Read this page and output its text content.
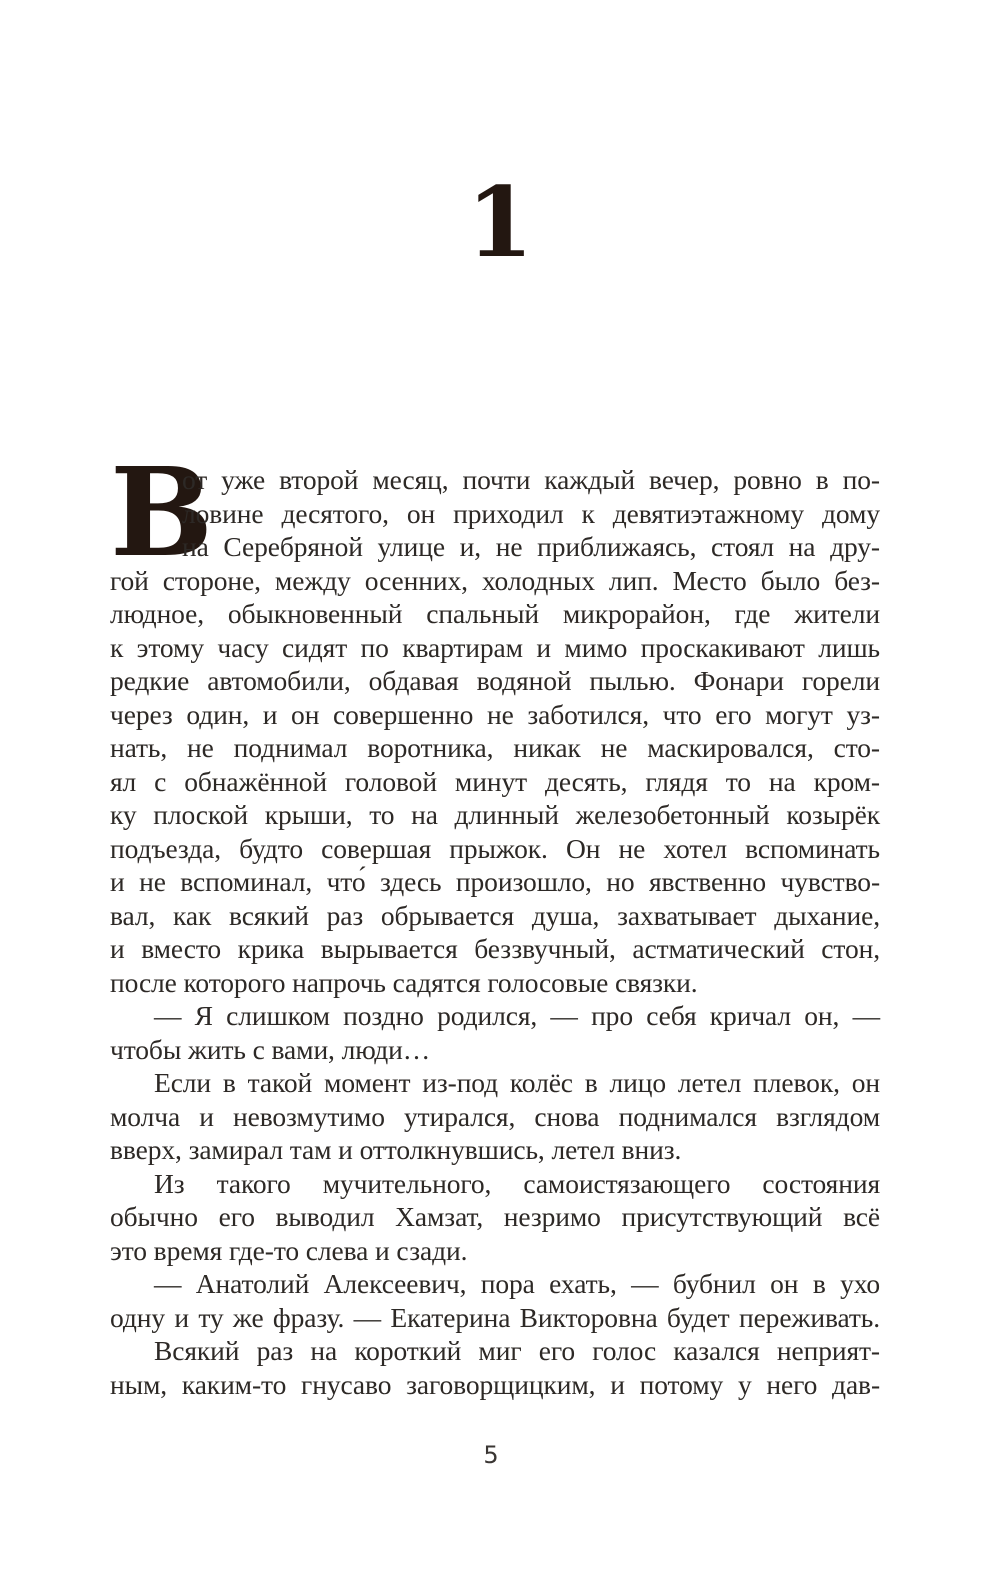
1
В
от уже второй месяц, почти каждый вечер, ровно в по-
ловине десятого, он приходил к девятиэтажному дому
на Серебряной улице и, не приближаясь, стоял на дру-
гой стороне, между осенних, холодных лип. Место было без-
людное, обыкновенный спальный микрорайон, где жители
к этому часу сидят по квартирам и мимо проскакивают лишь
редкие автомобили, обдавая водяной пылью. Фонари горели
через один, и он совершенно не заботился, что его могут уз-
нать, не поднимал воротника, никак не маскировался, сто-
ял с обнажённой головой минут десять, глядя то на кром-
ку плоской крыши, то на длинный железобетонный козырёк
подъезда, будто совершая прыжок. Он не хотел вспоминать
и не вспоминал, что́ здесь произошло, но явственно чувство-
вал, как всякий раз обрывается душа, захватывает дыхание,
и вместо крика вырывается беззвучный, астматический стон,
после которого напрочь садятся голосовые связки.
— Я слишком поздно родился, — про себя кричал он, —
чтобы жить с вами, люди…
Если в такой момент из-под колёс в лицо летел плевок, он
молча и невозмутимо утирался, снова поднимался взглядом
вверх, замирал там и оттолкнувшись, летел вниз.
Из такого мучительного, самоистязающего состояния
обычно его выводил Хамзат, незримо присутствующий всё
это время где-то слева и сзади.
— Анатолий Алексеевич, пора ехать, — бубнил он в ухо
одну и ту же фразу. — Екатерина Викторовна будет переживать.
Всякий раз на короткий миг его голос казался неприят-
ным, каким-то гнусаво заговорщицким, и потому у него дав-
5
